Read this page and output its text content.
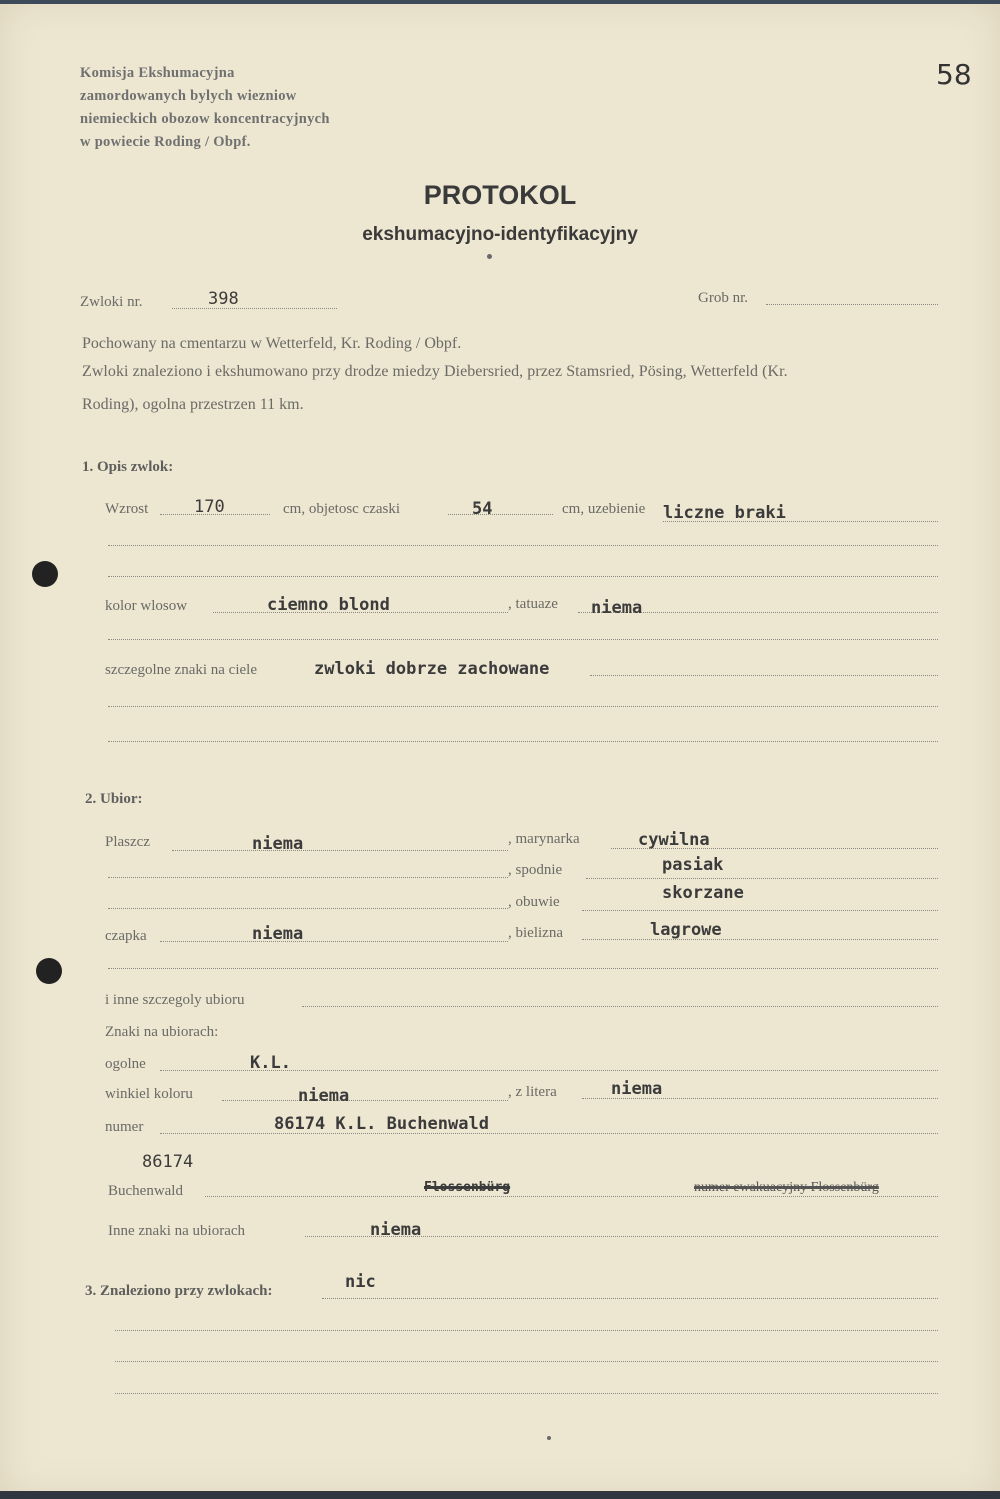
Komisja Ekshumacyjna
zamordowanych bylych wiezniow
niemieckich obozow koncentracyjnych
w powiecie Roding / Obpf.
58
PROTOKOL
ekshumacyjno-identyfikacyjny
Zwloki nr.	398	Grob nr.
Pochowany na cmentarzu w Wetterfeld, Kr. Roding / Obpf.
Zwloki znaleziono i ekshumowano przy drodze miedzy Diebersried, przez Stamsried, Pösing, Wetterfeld (Kr.
Roding), ogolna przestrzen 11 km.
1. Opis zwlok:
Wzrost	170	cm, objetosc czaski	54	cm, uzebienie liczne braki
kolor wlosow	ciemno blond	, tatuaze niema
szczegolne znaki na ciele	zwloki dobrze zachowane
2. Ubior:
Plaszcz	niema	, marynarka	cywilna
, spodnie	pasiak
, obuwie	skorzane
czapka	niema	, bielizna	lagrowe
i inne szczegoly ubioru
Znaki na ubiorach:
ogolne	K.L.
winkiel koloru	niema	, z litera	niema
numer	86174 K.L. Buchenwald
86174
Buchenwald	Flossenbürg	numer ewakuacyjny Flossenbürg
Inne znaki na ubiorach	niema
3. Znaleziono przy zwlokach:	nic
